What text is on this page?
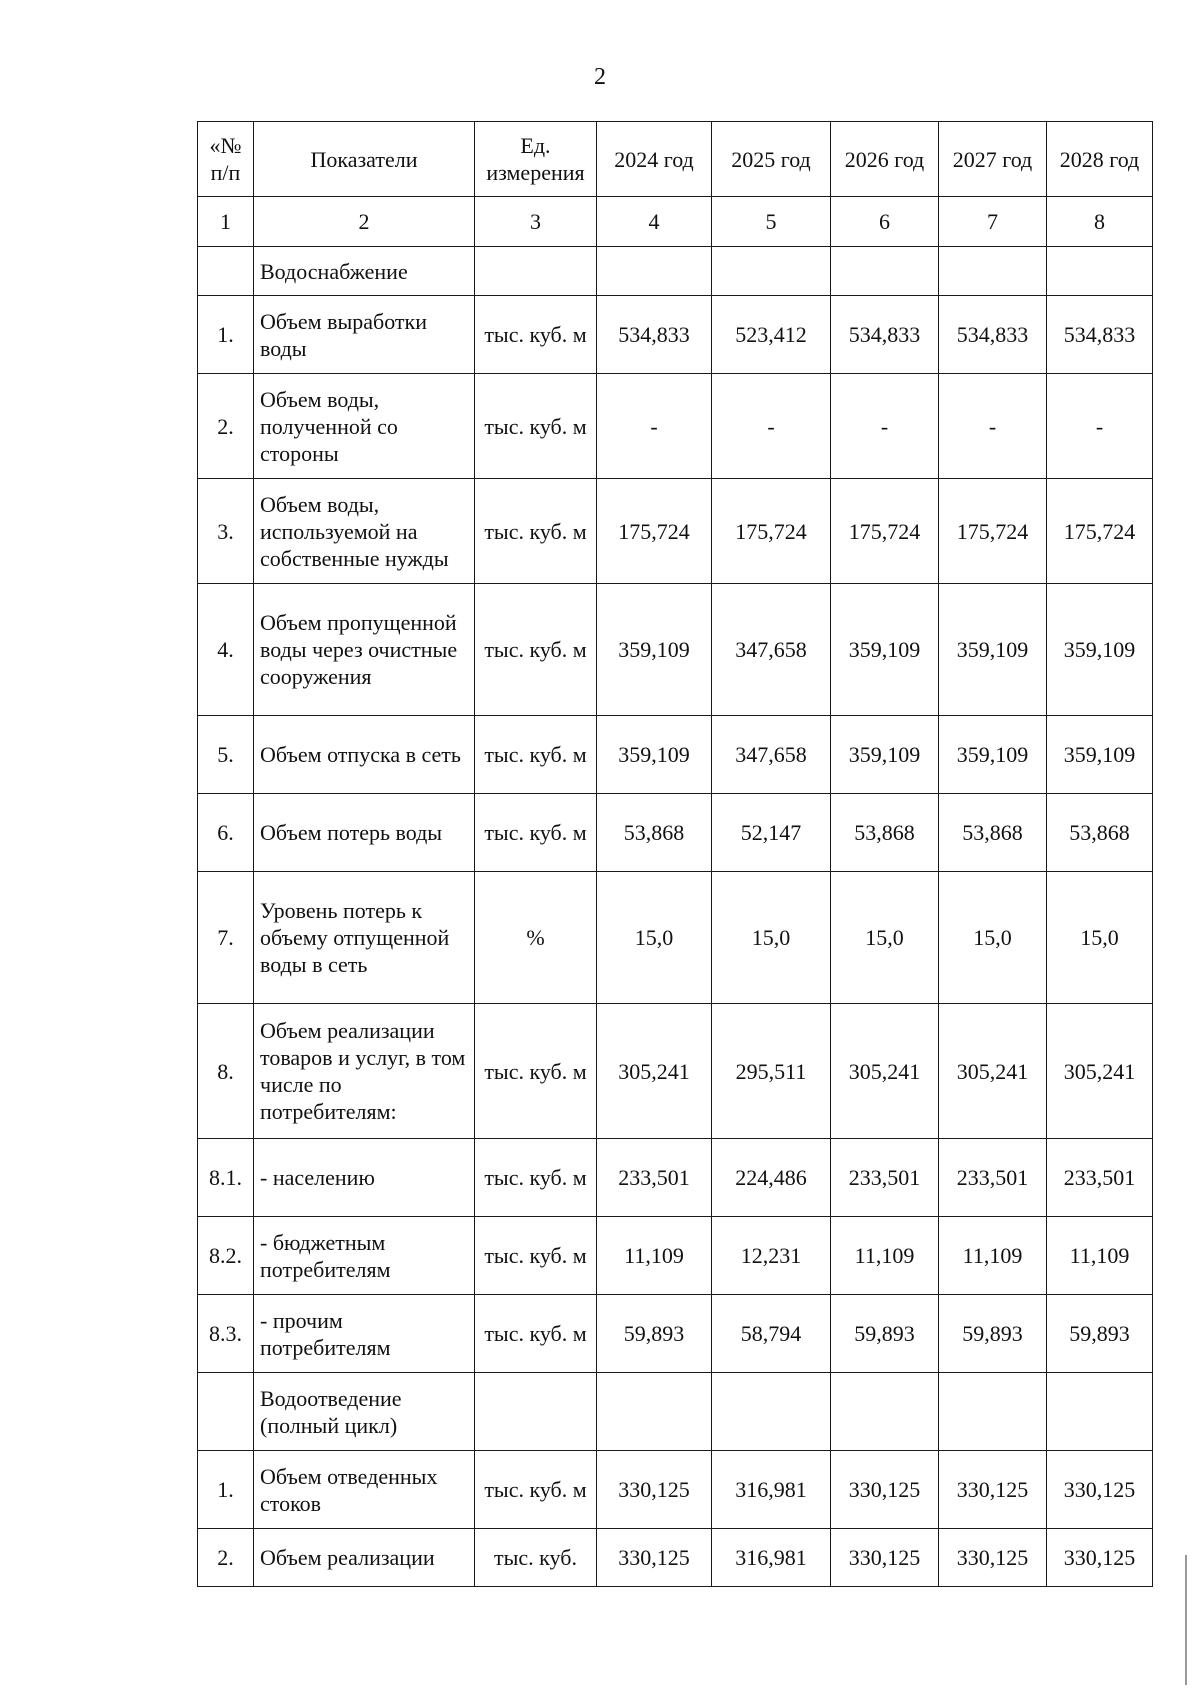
2
«№ п/п	Показатели	Ед. измерения	2024 год	2025 год	2026 год	2027 год	2028 год
1	2	3	4	5	6	7	8
	Водоснабжение						
1.	Объем выработки воды	тыс. куб. м	534,833	523,412	534,833	534,833	534,833
2.	Объем воды, полученной со стороны	тыс. куб. м	-	-	-	-	-
3.	Объем воды, используемой на собственные нужды	тыс. куб. м	175,724	175,724	175,724	175,724	175,724
4.	Объем пропущенной воды через очистные сооружения	тыс. куб. м	359,109	347,658	359,109	359,109	359,109
5.	Объем отпуска в сеть	тыс. куб. м	359,109	347,658	359,109	359,109	359,109
6.	Объем потерь воды	тыс. куб. м	53,868	52,147	53,868	53,868	53,868
7.	Уровень потерь к объему отпущенной воды в сеть	%	15,0	15,0	15,0	15,0	15,0
8.	Объем реализации товаров и услуг, в том числе по потребителям:	тыс. куб. м	305,241	295,511	305,241	305,241	305,241
8.1.	- населению	тыс. куб. м	233,501	224,486	233,501	233,501	233,501
8.2.	- бюджетным потребителям	тыс. куб. м	11,109	12,231	11,109	11,109	11,109
8.3.	- прочим потребителям	тыс. куб. м	59,893	58,794	59,893	59,893	59,893
	Водоотведение (полный цикл)						
1.	Объем отведенных стоков	тыс. куб. м	330,125	316,981	330,125	330,125	330,125
2.	Объем реализации	тыс. куб.	330,125	316,981	330,125	330,125	330,125
